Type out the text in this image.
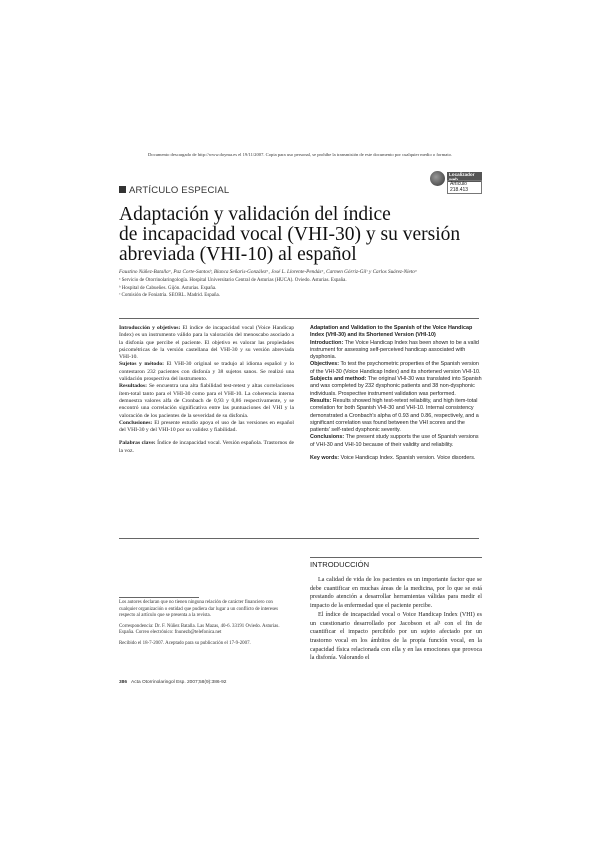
Documento descargado de http://www.doyma.es el 19/11/2007. Copia para uso personal, se prohíbe la transmisión de este documento por cualquier medio o formato.
Localizador web
Artículo 218.413
ARTÍCULO ESPECIAL
Adaptación y validación del índice
de incapacidad vocal (VHI-30) y su versión
abreviada (VHI-10) al español
Faustino Núñez-Batallaᵃ, Paz Corte-Santosᵇ, Blanca Señaris-Gonzálezᵃ, José L. Llorente-Pendásᵃ, Carmen Górriz-Gilᶜ y Carlos Suárez-Nietoᵃ
ᵃ Servicio de Otorrinolaringología. Hospital Universitario Central de Asturias (HUCA). Oviedo. Asturias. España.
ᵇ Hospital de Cabueñes. Gijón. Asturias. España.
ᶜ Comisión de Foniatría. SEORL. Madrid. España.

Introducción y objetivos: El índice de incapacidad vocal (Voice Handicap Index) es un instrumento válido para la valoración del menoscabo asociado a la disfonía que percibe el paciente. El objetivo es valorar las propiedades psicométricas de la versión castellana del VHI-30 y su versión abreviada VHI-10.

Sujetos y método: El VHI-30 original se tradujo al idioma español y lo contestaron 232 pacientes con disfonía y 38 sujetos sanos. Se realizó una validación prospectiva del instrumento.

Resultados: Se encuentra una alta fiabilidad test-retest y altas correlaciones ítem-total tanto para el VHI-30 como para el VHI-10. La coherencia interna demuestra valores alfa de Cronbach de 0,93 y 0,86 respectivamente, y se encontró una correlación significativa entre las puntuaciones del VHI y la valoración de los pacientes de la severidad de su disfonía.

Conclusiones: El presente estudio apoya el uso de las versiones en español del VHI-30 y del VHI-10 por su validez y fiabilidad.

Palabras clave: Índice de incapacidad vocal. Versión española. Trastornos de la voz.

Adaptation and Validation to the Spanish of the Voice Handicap Index (VHI-30) and its Shortened Version (VHI-10)

Introduction: The Voice Handicap Index has been shown to be a valid instrument for assessing self-perceived handicap associated with dysphonia.

Objectives: To test the psychometric properties of the Spanish version of the VHI-30 (Voice Handicap Index) and its shortened version VHI-10.

Subjects and method: The original VHI-30 was translated into Spanish and was completed by 232 dysphonic patients and 38 non-dysphonic individuals. Prospective instrument validation was performed.

Results: Results showed high test-retest reliability, and high item-total correlation for both Spanish VHI-30 and VHI-10. Internal consistency demonstrated a Cronbach's alpha of 0.93 and 0.86, respectively, and a significant correlation was found between the VHI scores and the patients' self-rated dysphonic severity.

Conclusions: The present study supports the use of Spanish versions of VHI-30 and VHI-10 because of their validity and reliability.

Key words: Voice Handicap Index. Spanish version. Voice disorders.

INTRODUCCIÓN

La calidad de vida de los pacientes es un importante factor que se debe cuantificar en muchas áreas de la medicina, por lo que se está prestando atención a desarrollar herramientas válidas para medir el impacto de la enfermedad que el paciente percibe.

El índice de incapacidad vocal o Voice Handicap Index (VHI) es un cuestionario desarrollado por Jacobson et al¹ con el fin de cuantificar el impacto percibido por un sujeto afectado por un trastorno vocal en los ámbitos de la propia función vocal, en la capacidad física relacionada con ella y en las emociones que provoca la disfonía. Valorando el

Los autores declaran que no tienen ninguna relación de carácter financiero con cualquier organización o entidad que pudiera dar lugar a un conflicto de intereses respecto al artículo que se presenta a la revista.

Correspondencia: Dr. F. Núñez Batalla. Las Mazas, 40-6. 33191 Oviedo. Asturias. España. Correo electrónico: fnunezb@telefonica.net

Recibido el 18-7-2007. Aceptado para su publicación el 17-9-2007.

386 Acta Otorrinolaringol Esp. 2007;58(9):386-92
